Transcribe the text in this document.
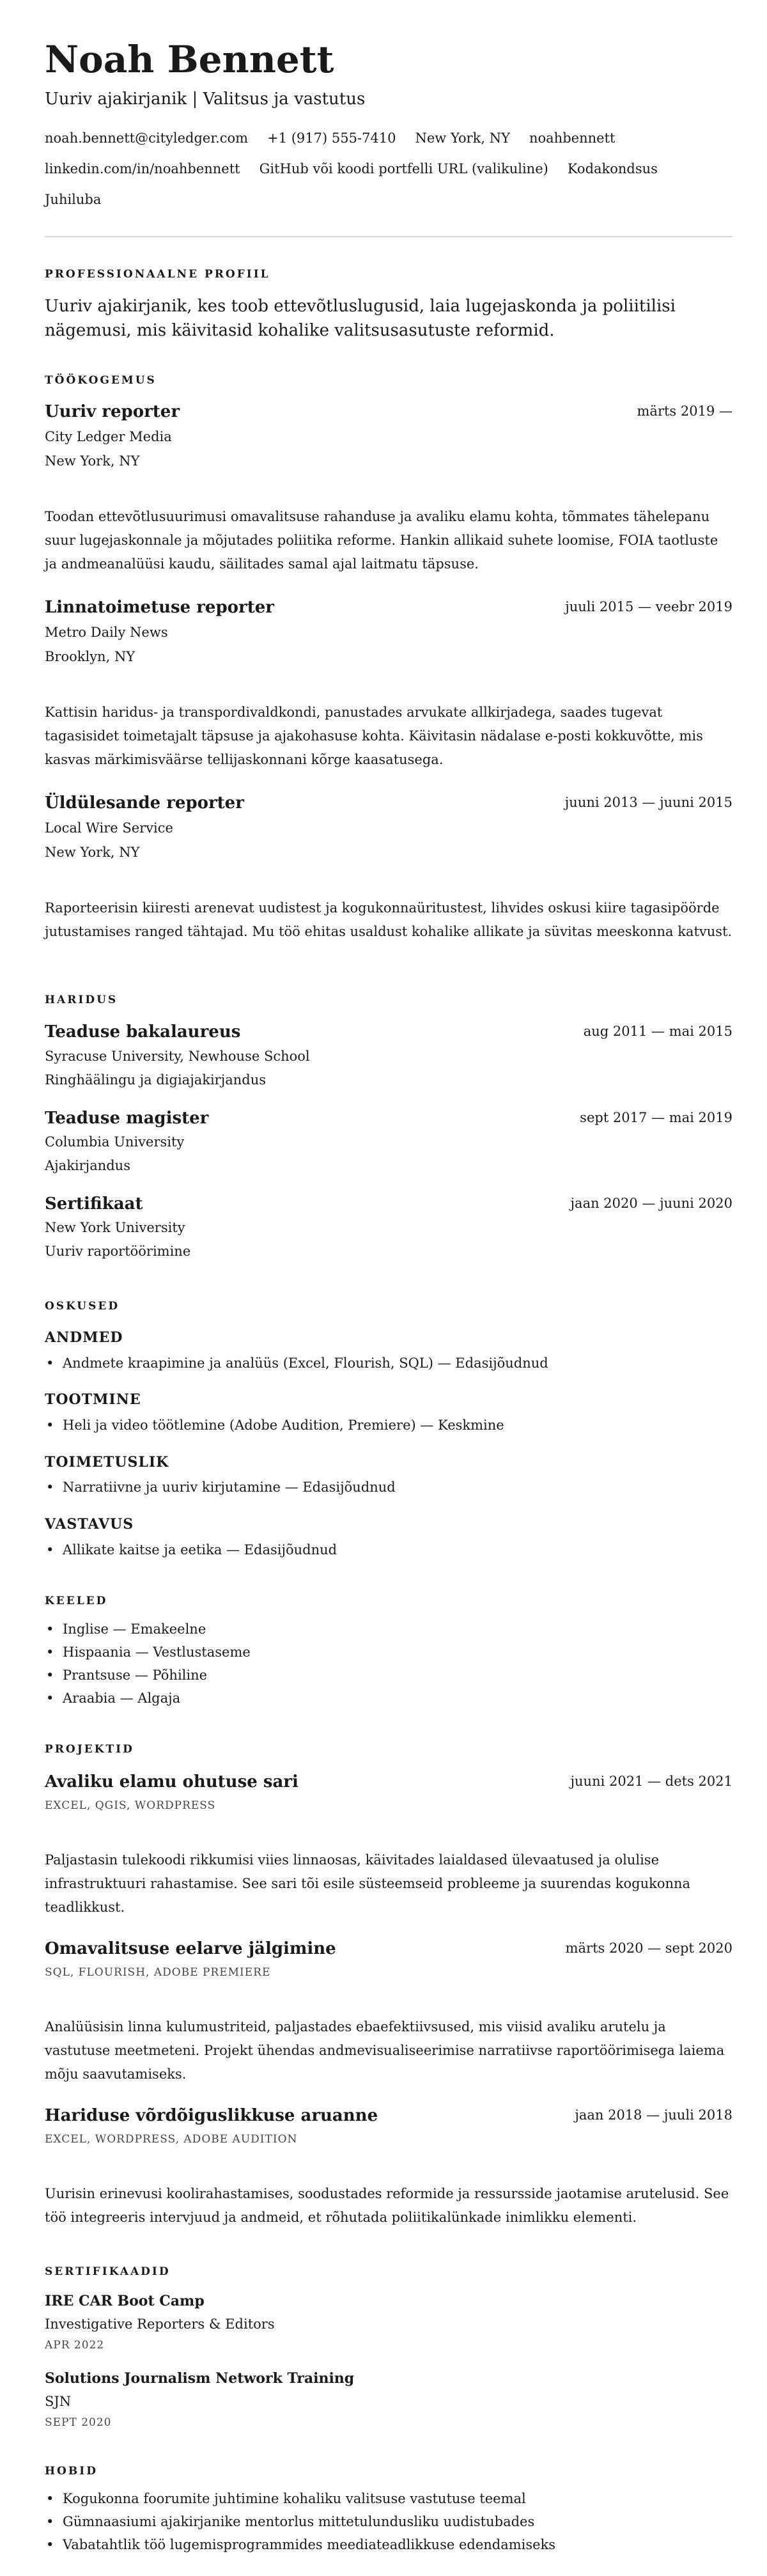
Noah Bennett
Uuriv ajakirjanik | Valitsus ja vastutus
noah.bennett@cityledger.com +1 (917) 555-7410 New York, NY noahbennettlinkedin.com/in/noahbennett GitHub või koodi portfelli URL (valikuline) KodakondsusJuhiluba
PROFESSIONAALNE PROFIIL
Uuriv ajakirjanik, kes toob ettevõtluslugusid, laia lugejaskonda ja poliitilisi nägemusi, mis käivitasid kohalike valitsusasutuste reformid.
TÖÖKOGEMUS
Uuriv reporter	märts 2019 —
City Ledger Media
New York, NY
Toodan ettevõtlusuurimusi omavalitsuse rahanduse ja avaliku elamu kohta, tõmmates tähelepanu suur lugejaskonnale ja mõjutades poliitika reforme. Hankin allikaid suhete loomise, FOIA taotluste ja andmeanalüüsi kaudu, säilitades samal ajal laitmatu täpsuse.
Linnatoimetuse reporter	juuli 2015 — veebr 2019
Metro Daily News
Brooklyn, NY
Kattisin haridus- ja transpordivaldkondi, panustades arvukate allkirjadega, saades tugevat tagasisidet toimetajalt täpsuse ja ajakohasuse kohta. Käivitasin nädalase e-posti kokkuvõtte, mis kasvas märkimisväärse tellijaskonnani kõrge kaasatusega.
Üldülesande reporter	juuni 2013 — juuni 2015
Local Wire Service
New York, NY
Raporteerisin kiiresti arenevat uudistest ja kogukonnaüritustest, lihvides oskusi kiire tagasipöörde jutustamises ranged tähtajad. Mu töö ehitas usaldust kohalike allikate ja süvitas meeskonna katvust.
HARIDUS
Teaduse bakalaureus	aug 2011 — mai 2015
Syracuse University, Newhouse School
Ringhäälingu ja digiajakirjandus
Teaduse magister	sept 2017 — mai 2019
Columbia University
Ajakirjandus
Sertifikaat	jaan 2020 — juuni 2020
New York University
Uuriv raportöörimine
OSKUSED
ANDMED
• Andmete kraapimine ja analüüs (Excel, Flourish, SQL) — Edasijõudnud
TOOTMINE
• Heli ja video töötlemine (Adobe Audition, Premiere) — Keskmine
TOIMETUSLIK
• Narratiivne ja uuriv kirjutamine — Edasijõudnud
VASTAVUS
• Allikate kaitse ja eetika — Edasijõudnud
KEELED
• Inglise — Emakeelne
• Hispaania — Vestlustaseme
• Prantsuse — Põhiline
• Araabia — Algaja
PROJEKTID
Avaliku elamu ohutuse sari	juuni 2021 — dets 2021
EXCEL, QGIS, WORDPRESS
Paljastasin tulekoodi rikkumisi viies linnaosas, käivitades laialdased ülevaatused ja olulise infrastruktuuri rahastamise. See sari tõi esile süsteemseid probleeme ja suurendas kogukonna teadlikkust.
Omavalitsuse eelarve jälgimine	märts 2020 — sept 2020
SQL, FLOURISH, ADOBE PREMIERE
Analüüsisin linna kulumustriteid, paljastades ebaefektiivsused, mis viisid avaliku arutelu ja vastutuse meetmeteni. Projekt ühendas andmevisualiseerimise narratiivse raportöörimisega laiema mõju saavutamiseks.
Hariduse võrdõiguslikkuse aruanne	jaan 2018 — juuli 2018
EXCEL, WORDPRESS, ADOBE AUDITION
Uurisin erinevusi koolirahastamises, soodustades reformide ja ressursside jaotamise arutelusid. See töö integreeris intervjuud ja andmeid, et rõhutada poliitikalünkade inimlikku elementi.
SERTIFIKAADID
IRE CAR Boot Camp
Investigative Reporters & Editors
APR 2022
Solutions Journalism Network Training
SJN
SEPT 2020
HOBID
• Kogukonna foorumite juhtimine kohaliku valitsuse vastutuse teemal
• Gümnaasiumi ajakirjanike mentorlus mittetulundusliku uudistubades
• Vabatahtlik töö lugemisprogrammides meediateadlikkuse edendamiseks
